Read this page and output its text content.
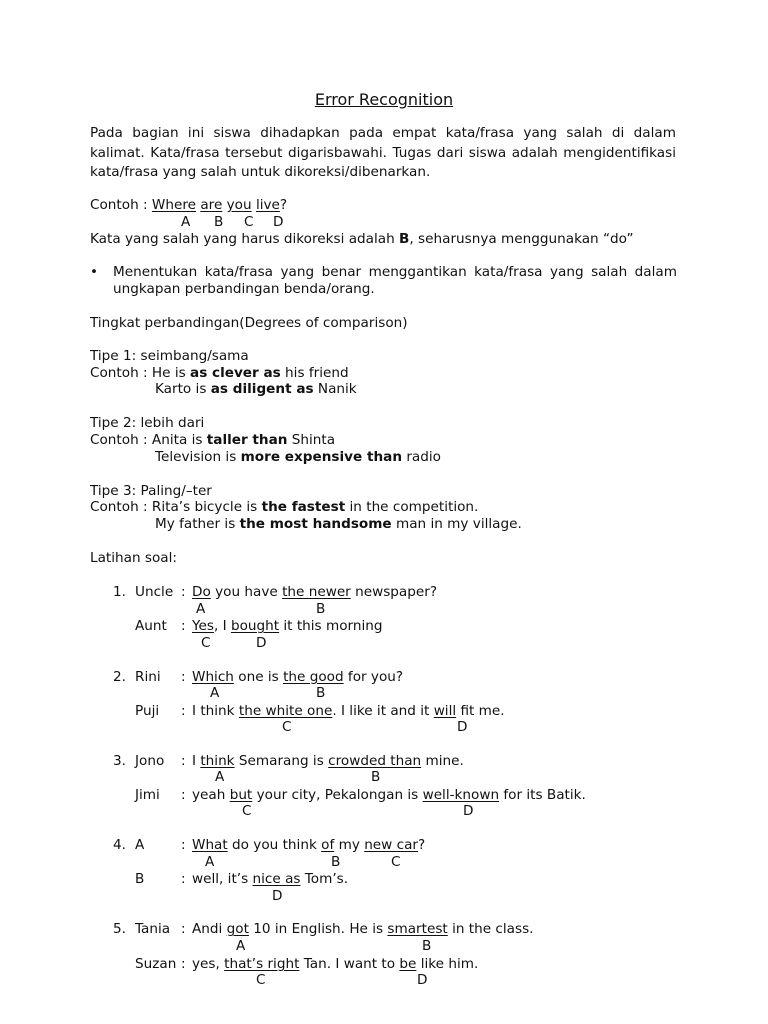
Error Recognition
Pada bagian ini siswa dihadapkan pada empat kata/frasa yang salah di dalam kalimat. Kata/frasa tersebut digarisbawahi. Tugas dari siswa adalah mengidentifikasi kata/frasa yang salah untuk dikoreksi/dibenarkan.
Contoh : Where are you live?
A B C D
Kata yang salah yang harus dikoreksi adalah B, seharusnya menggunakan “do”
• Menentukan kata/frasa yang benar menggantikan kata/frasa yang salah dalam ungkapan perbandingan benda/orang.
Tingkat perbandingan(Degrees of comparison)
Tipe 1: seimbang/sama
Contoh : He is as clever as his friend
Karto is as diligent as Nanik
Tipe 2: lebih dari
Contoh : Anita is taller than Shinta
Television is more expensive than radio
Tipe 3: Paling/–ter
Contoh : Rita’s bicycle is the fastest in the competition.
My father is the most handsome man in my village.
Latihan soal:
1. Uncle : Do you have the newer newspaper?
A	B
Aunt : Yes, I bought it this morning
C	D
2. Rini : Which one is the good for you?
A	B
Puji : I think the white one. I like it and it will fit me.
C	D
3. Jono : I think Semarang is crowded than mine.
A	B
Jimi : yeah but your city, Pekalongan is well-known for its Batik.
C	D
4. A	: What do you think of my new car?
A	B	C
B	: well, it’s nice as Tom’s.
D
5. Tania : Andi got 10 in English. He is smartest in the class.
A	B
Suzan : yes, that’s right Tan. I want to be like him.
C	D
